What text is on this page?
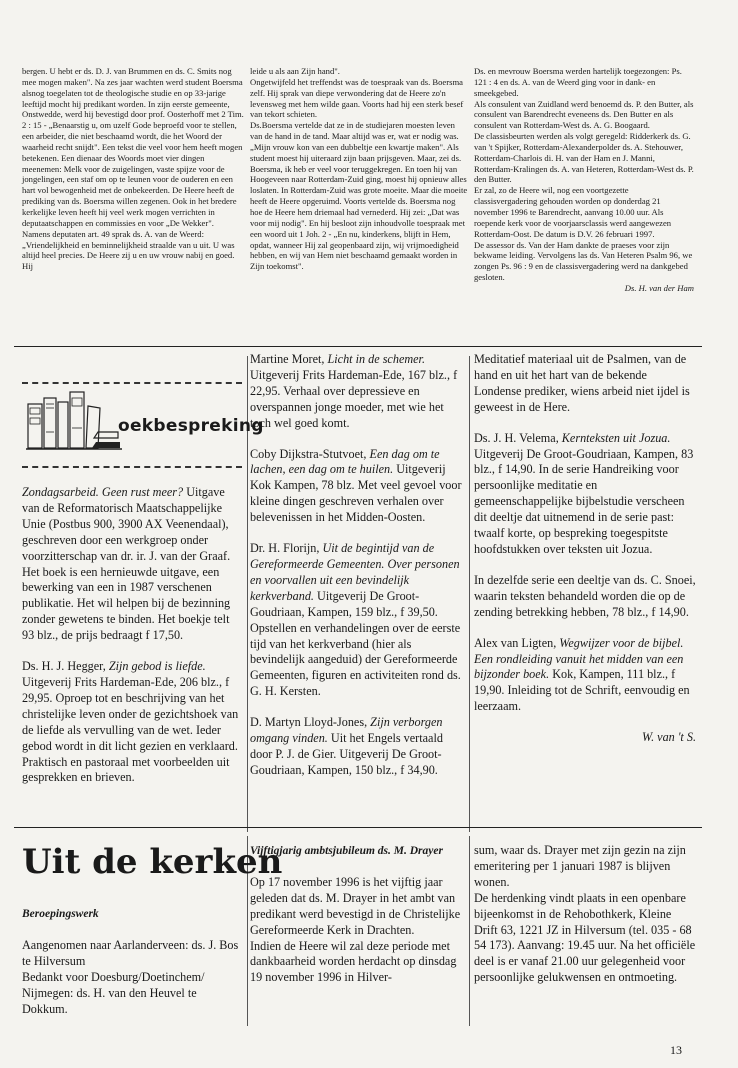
bergen. U hebt er ds. D. J. van Brummen en ds. C. Smits nog mee mogen maken". Na zes jaar wachten werd student Boersma alsnog toegelaten tot de theologische studie en op 33-jarige leeftijd mocht hij predikant worden. In zijn eerste gemeente, Onstwedde, werd hij bevestigd door prof. Oosterhoff met 2 Tim. 2 : 15 - „Benaarstig u, om uzelf Gode beproefd voor te stellen, een arbeider, die niet beschaamd wordt, die het Woord der waarheid recht snijdt". Een tekst die veel voor hem heeft mogen betekenen. Een dienaar des Woords moet vier dingen meenemen: Melk voor de zuigelingen, vaste spijze voor de jongelingen, een staf om op te leunen voor de ouderen en een hart vol bewogenheid met de onbekeerden. De Heere heeft de prediking van ds. Boersma willen zegenen. Ook in het bredere kerkelijke leven heeft hij veel werk mogen verrichten in deputaatschappen en commissies en voor „De Wekker".

Namens deputaten art. 49 sprak ds. A. van de Weerd: „Vriendelijkheid en beminnelijkheid straalde van u uit. U was altijd heel precies. De Heere zij u en uw vrouw nabij en goed. Hij

leide u als aan Zijn hand".

Ongetwijfeld het treffendst was de toespraak van ds. Boersma zelf. Hij sprak van diepe verwondering dat de Heere zo'n levensweg met hem wilde gaan. Voorts had hij een sterk besef van tekort schieten.

Ds.Boersma vertelde dat ze in de studiejaren moesten leven van de hand in de tand. Maar altijd was er, wat er nodig was. „Mijn vrouw kon van een dubbeltje een kwartje maken". Als student moest hij uiteraard zijn baan prijsgeven. Maar, zei ds. Boersma, ik heb er veel voor teruggekregen. En toen hij van Hoogeveen naar Rotterdam-Zuid ging, moest hij opnieuw alles loslaten. In Rotterdam-Zuid was grote moeite. Maar die moeite heeft de Heere opgeruimd. Voorts vertelde ds. Boersma nog hoe de Heere hem driemaal had vernederd. Hij zei: „Dat was voor mij nodig". En hij besloot zijn inhoudvolle toespraak met een woord uit 1 Joh. 2 - „En nu, kinderkens, blijft in Hem, opdat, wanneer Hij zal geopenbaard zijn, wij vrijmoedigheid hebben, en wij van Hem niet beschaamd gemaakt worden in Zijn toekomst".

Ds. en mevrouw Boersma werden hartelijk toegezongen: Ps. 121 : 4 en ds. A. van de Weerd ging voor in dank- en smeekgebed.

Als consulent van Zuidland werd benoemd ds. P. den Butter, als consulent van Barendrecht eveneens ds. Den Butter en als consulent van Rotterdam-West ds. A. G. Boogaard.

De classisbeurten werden als volgt geregeld: Ridderkerk ds. G. van 't Spijker, Rotterdam-Alexanderpolder ds. A. Stehouwer, Rotterdam-Charlois di. H. van der Ham en J. Manni, Rotterdam-Kralingen ds. A. van Heteren, Rotterdam-West ds. P. den Butter.

Er zal, zo de Heere wil, nog een voortgezette classisvergadering gehouden worden op donderdag 21 november 1996 te Barendrecht, aanvang 10.00 uur. Als roepende kerk voor de voorjaarsclassis werd aangewezen Rotterdam-Oost. De datum is D.V. 26 februari 1997.

De assessor ds. Van der Ham dankte de praeses voor zijn bekwame leiding. Vervolgens las ds. Van Heteren Psalm 96, we zongen Ps. 96 : 9 en de classisvergadering werd na dankgebed gesloten.

Ds. H. van der Ham

oekbespreking

Zondagsarbeid. Geen rust meer? Uitgave van de Reformatorisch Maatschappelijke Unie (Postbus 900, 3900 AX Veenendaal), geschreven door een werkgroep onder voorzitterschap van dr. ir. J. van der Graaf. Het boek is een hernieuwde uitgave, een bewerking van een in 1987 verschenen publikatie. Het wil helpen bij de bezinning zonder gewetens te binden. Het boekje telt 93 blz., de prijs bedraagt f 17,50.

Ds. H. J. Hegger, Zijn gebod is liefde. Uitgeverij Frits Hardeman-Ede, 206 blz., f 29,95. Oproep tot en beschrijving van het christelijke leven onder de gezichtshoek van de liefde als vervulling van de wet. Ieder gebod wordt in dit licht gezien en verklaard. Praktisch en pastoraal met voorbeelden uit gesprekken en brieven.

Martine Moret, Licht in de schemer. Uitgeverij Frits Hardeman-Ede, 167 blz., f 22,95. Verhaal over depressieve en overspannen jonge moeder, met wie het toch wel goed komt.

Coby Dijkstra-Stutvoet, Een dag om te lachen, een dag om te huilen. Uitgeverij Kok Kampen, 78 blz. Met veel gevoel voor kleine dingen geschreven verhalen over belevenissen in het Midden-Oosten.

Dr. H. Florijn, Uit de begintijd van de Gereformeerde Gemeenten. Over personen en voorvallen uit een bevindelijk kerkverband. Uitgeverij De Groot-Goudriaan, Kampen, 159 blz., f 39,50. Opstellen en verhandelingen over de eerste tijd van het kerkverband (hier als bevindelijk aangeduid) der Gereformeerde Gemeenten, figuren en activiteiten rond ds. G. H. Kersten.

D. Martyn Lloyd-Jones, Zijn verborgen omgang vinden. Uit het Engels vertaald door P. J. de Gier. Uitgeverij De Groot-Goudriaan, Kampen, 150 blz., f 34,90.

Meditatief materiaal uit de Psalmen, van de hand en uit het hart van de bekende Londense prediker, wiens arbeid niet ijdel is geweest in de Here.

Ds. J. H. Velema, Kernteksten uit Jozua. Uitgeverij De Groot-Goudriaan, Kampen, 83 blz., f 14,90. In de serie Handreiking voor persoonlijke meditatie en gemeenschappelijke bijbelstudie verscheen dit deeltje dat uitnemend in de serie past: twaalf korte, op bespreking toegespitste hoofdstukken over teksten uit Jozua.

In dezelfde serie een deeltje van ds. C. Snoei, waarin teksten behandeld worden die op de zending betrekking hebben, 78 blz., f 14,90.

Alex van Ligten, Wegwijzer voor de bijbel. Een rondleiding vanuit het midden van een bijzonder boek. Kok, Kampen, 111 blz., f 19,90. Inleiding tot de Schrift, eenvoudig en leerzaam.

W. van 't S.

Uit de kerken

Beroepingswerk

Aangenomen naar Aarlanderveen: ds. J. Bos te Hilversum

Bedankt voor Doesburg/Doetinchem/ Nijmegen: ds. H. van den Heuvel te Dokkum.

Vijftigjarig ambtsjubileum ds. M. Drayer

Op 17 november 1996 is het vijftig jaar geleden dat ds. M. Drayer in het ambt van predikant werd bevestigd in de Christelijke Gereformeerde Kerk in Drachten.

Indien de Heere wil zal deze periode met dankbaarheid worden herdacht op dinsdag 19 november 1996 in Hilver-

sum, waar ds. Drayer met zijn gezin na zijn emeritering per 1 januari 1987 is blijven wonen.

De herdenking vindt plaats in een openbare bijeenkomst in de Rehobothkerk, Kleine Drift 63, 1221 JZ in Hilversum (tel. 035 - 68 54 173). Aanvang: 19.45 uur. Na het officiële deel is er vanaf 21.00 uur gelegenheid voor persoonlijke gelukwensen en ontmoeting.

13
